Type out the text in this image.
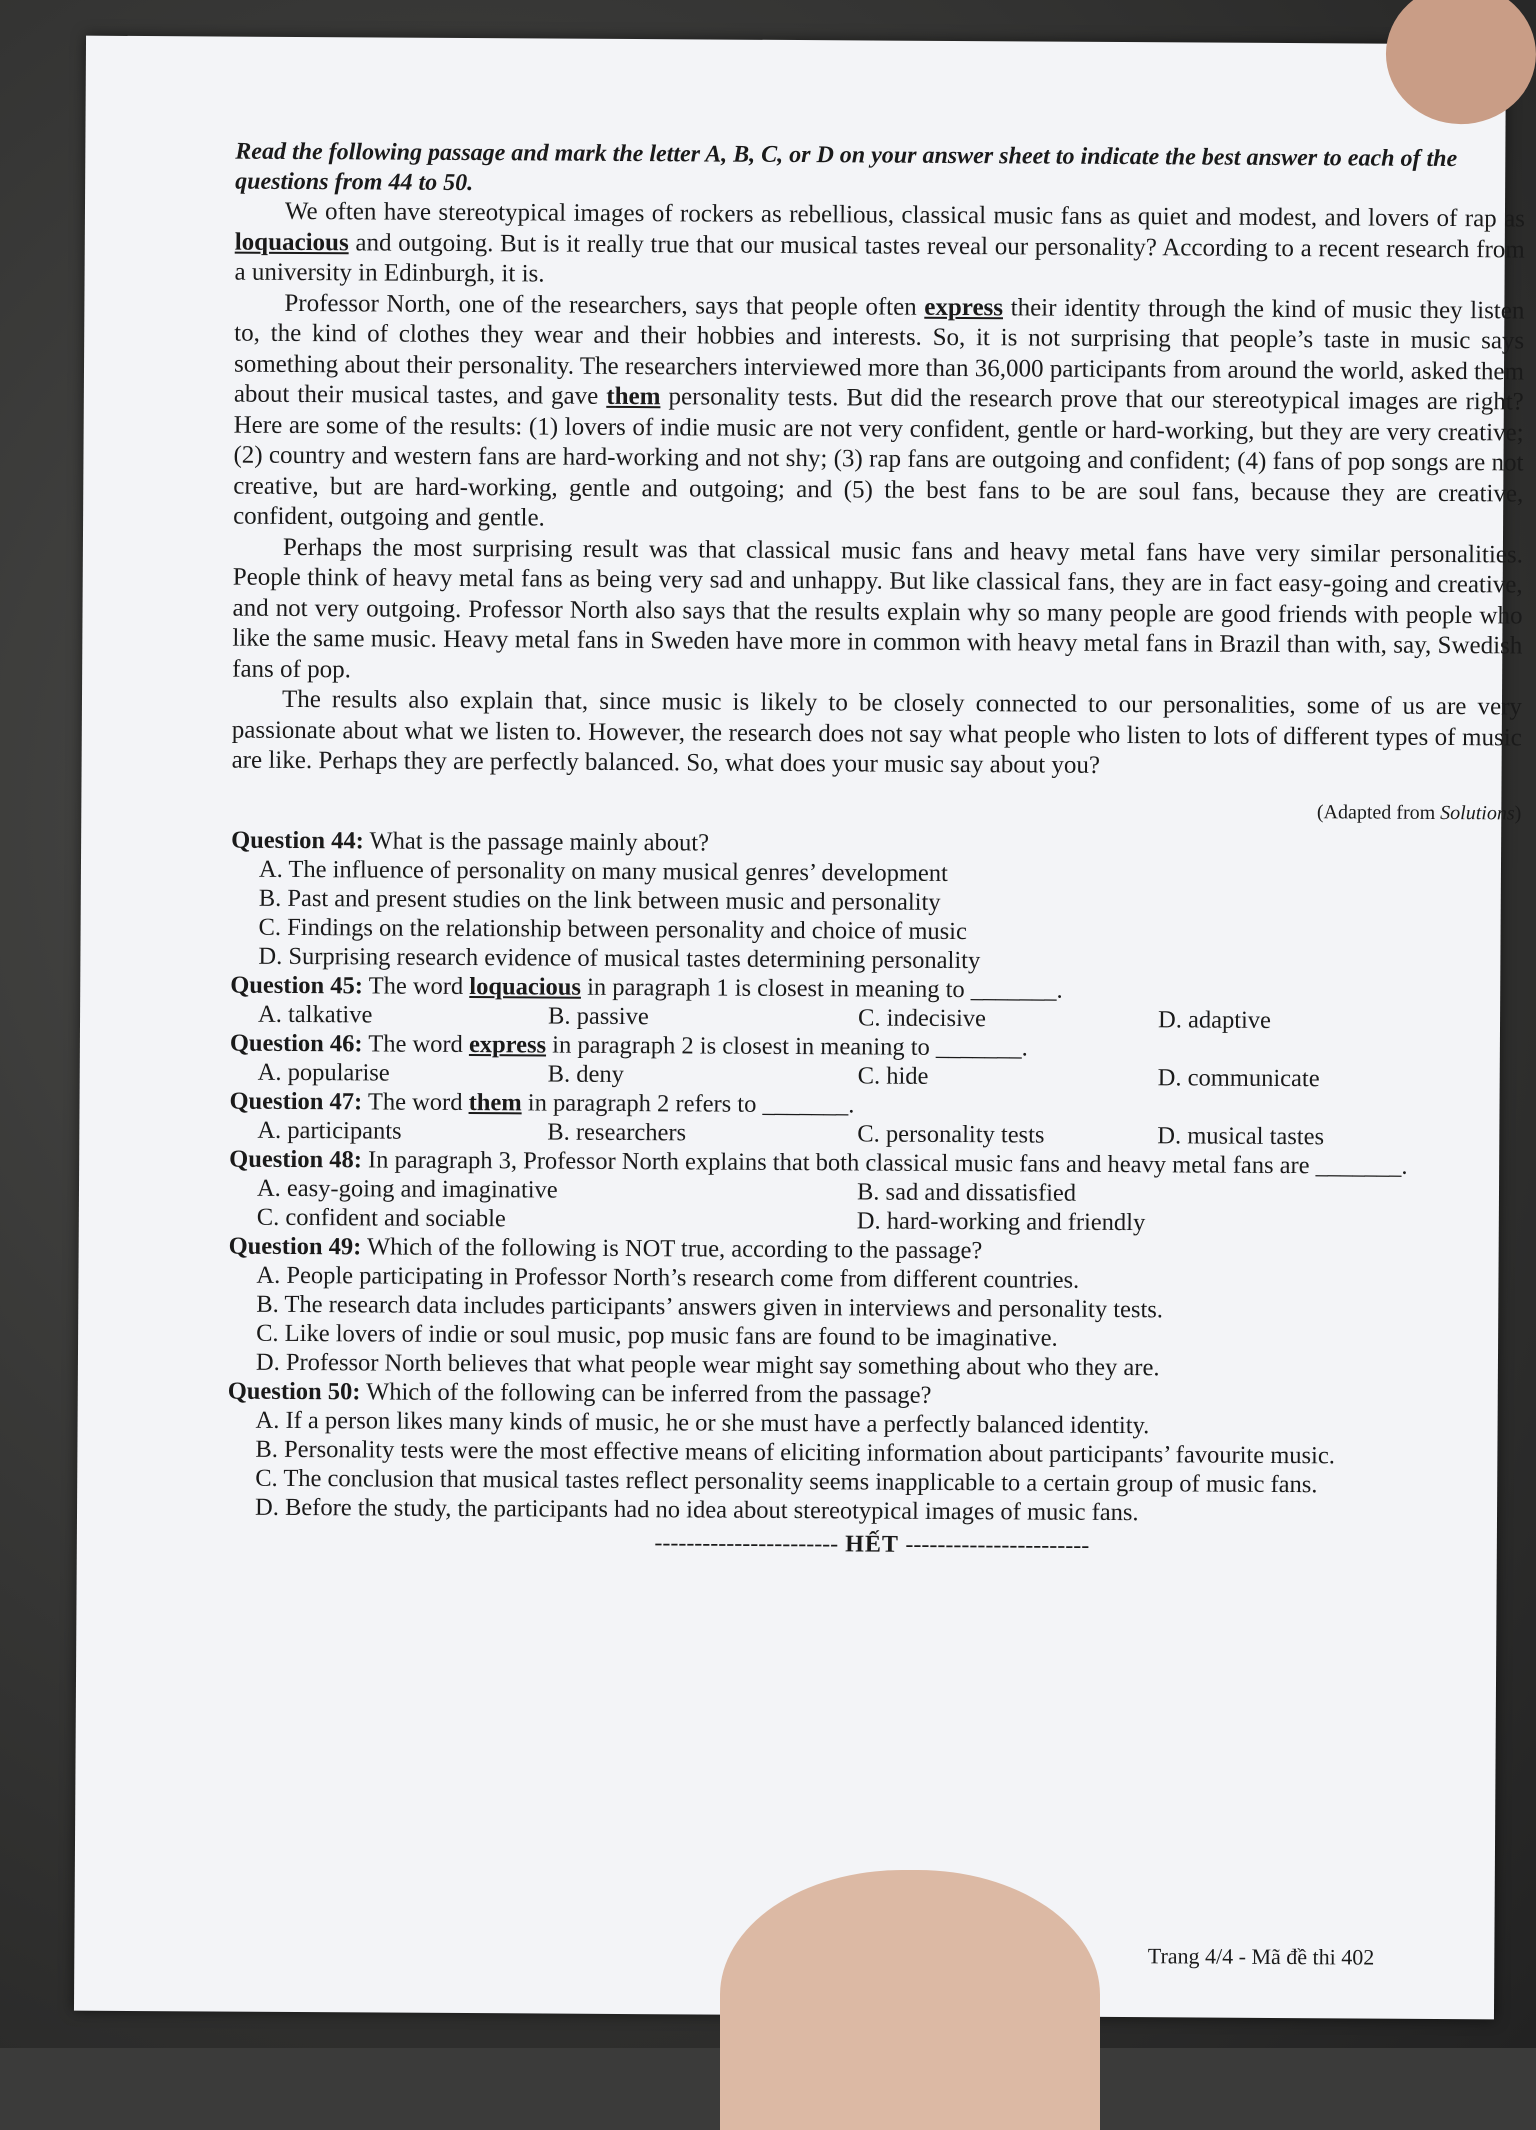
Read the following passage and mark the letter A, B, C, or D on your answer sheet to indicate the best answer to each of the questions from 44 to 50.

We often have stereotypical images of rockers as rebellious, classical music fans as quiet and modest, and lovers of rap as loquacious and outgoing. But is it really true that our musical tastes reveal our personality? According to a recent research from a university in Edinburgh, it is.

Professor North, one of the researchers, says that people often express their identity through the kind of music they listen to, the kind of clothes they wear and their hobbies and interests. So, it is not surprising that people’s taste in music says something about their personality. The researchers interviewed more than 36,000 participants from around the world, asked them about their musical tastes, and gave them personality tests. But did the research prove that our stereotypical images are right? Here are some of the results: (1) lovers of indie music are not very confident, gentle or hard-working, but they are very creative; (2) country and western fans are hard-working and not shy; (3) rap fans are outgoing and confident; (4) fans of pop songs are not creative, but are hard-working, gentle and outgoing; and (5) the best fans to be are soul fans, because they are creative, confident, outgoing and gentle.

Perhaps the most surprising result was that classical music fans and heavy metal fans have very similar personalities. People think of heavy metal fans as being very sad and unhappy. But like classical fans, they are in fact easy-going and creative, and not very outgoing. Professor North also says that the results explain why so many people are good friends with people who like the same music. Heavy metal fans in Sweden have more in common with heavy metal fans in Brazil than with, say, Swedish fans of pop.

The results also explain that, since music is likely to be closely connected to our personalities, some of us are very passionate about what we listen to. However, the research does not say what people who listen to lots of different types of music are like. Perhaps they are perfectly balanced. So, what does your music say about you?

(Adapted from Solutions)
Question 44: What is the passage mainly about?
A. The influence of personality on many musical genres’ development
B. Past and present studies on the link between music and personality
C. Findings on the relationship between personality and choice of music
D. Surprising research evidence of musical tastes determining personality
Question 45: The word loquacious in paragraph 1 is closest in meaning to _______.
A. talkative	B. passive	C. indecisive	D. adaptive
Question 46: The word express in paragraph 2 is closest in meaning to _______.
A. popularise	B. deny	C. hide	D. communicate
Question 47: The word them in paragraph 2 refers to _______.
A. participants	B. researchers	C. personality tests	D. musical tastes
Question 48: In paragraph 3, Professor North explains that both classical music fans and heavy metal fans are _______.
A. easy-going and imaginative	B. sad and dissatisfied
C. confident and sociable	D. hard-working and friendly
Question 49: Which of the following is NOT true, according to the passage?
A. People participating in Professor North’s research come from different countries.
B. The research data includes participants’ answers given in interviews and personality tests.
C. Like lovers of indie or soul music, pop music fans are found to be imaginative.
D. Professor North believes that what people wear might say something about who they are.
Question 50: Which of the following can be inferred from the passage?
A. If a person likes many kinds of music, he or she must have a perfectly balanced identity.
B. Personality tests were the most effective means of eliciting information about participants’ favourite music.
C. The conclusion that musical tastes reflect personality seems inapplicable to a certain group of music fans.
D. Before the study, the participants had no idea about stereotypical images of music fans.
----------------------- HẾT -----------------------
Trang 4/4 - Mã đề thi 402
